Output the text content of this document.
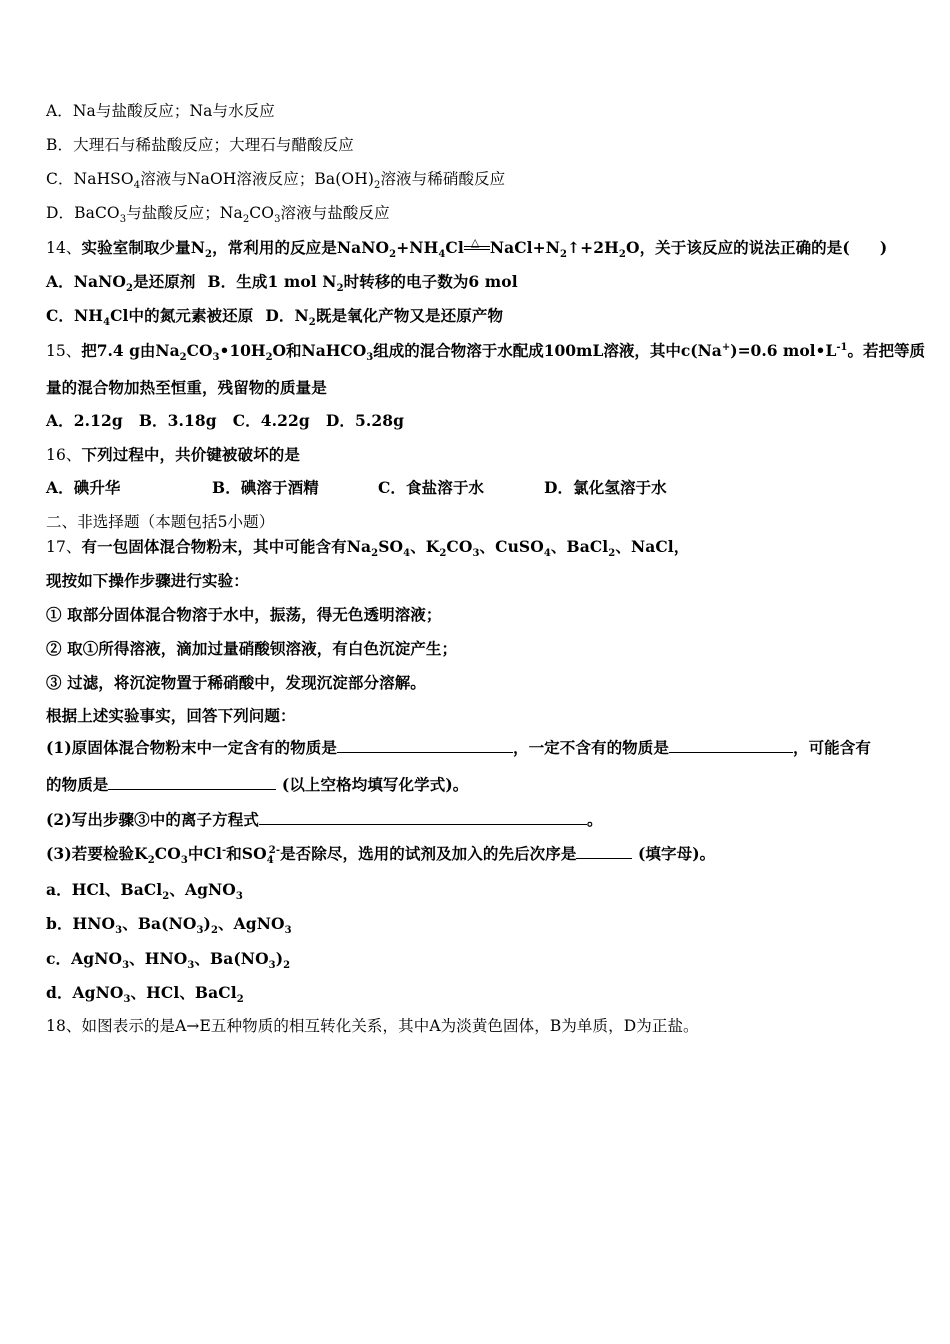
A．Na与盐酸反应；Na与水反应
B．大理石与稀盐酸反应；大理石与醋酸反应
C．NaHSO$_4$溶液与NaOH溶液反应；$Ba(OH)_2$溶液与稀硝酸反应
D．BaCO$_3$与盐酸反应；$Na_2CO_3$溶液与盐酸反应
14、实验室制取少量$N_2$，常利用的反应是$NaNO_2+NH_4Cl$ △ $NaCl+N_2↑+2H_2O$，关于该反应的说法正确的是( )
A．NaNO$_2$是还原剂 B．生成1 mol $N_2$时转移的电子数为6 mol
C．$NH_4Cl$中的氮元素被还原 D．$N_2$既是氧化产物又是还原产物
15、把7.4 g由$Na_2CO_3•10H_2O$和NaHCO$_3$组成的混合物溶于水配成100mL溶液，其中c(Na+)=0.6 $mol•L^{-1}$。若把等质
量的混合物加热至恒重，残留物的质量是
A．2.12g B．3.18g C．4.22g D．5.28g
16、下列过程中，共价键被破坏的是
A．碘升华	B．碘溶于酒精	C．食盐溶于水	D．氯化氢溶于水
二、非选择题（本题包括5小题）
17、有一包固体混合物粉末，其中可能含有$Na_2SO_4$、$K_2CO_3$、CuSO$_4$、BaCl$_2$、NaCl，
现按如下操作步骤进行实验：
① 取部分固体混合物溶于水中，振荡，得无色透明溶液；
② 取①所得溶液，滴加过量硝酸钡溶液，有白色沉淀产生；
③ 过滤，将沉淀物置于稀硝酸中，发现沉淀部分溶解。
根据上述实验事实，回答下列问题：
(1)原固体混合物粉末中一定含有的物质是	，一定不含有的物质是	，可能含有
的物质是	(以上空格均填写化学式)。
(2)写出步骤③中的离子方程式	。
(3)若要检验$K_2CO_3$中Cl-和$SO_4^{2-}$是否除尽，选用的试剂及加入的先后次序是	(填字母)。
a．HCl、BaCl$_2$、AgNO$_3$
b．$HNO_3$、$Ba(NO_3)_2$、AgNO$_3$
c．AgNO$_3$、$HNO_3$、$Ba(NO_3)_2$
d．AgNO$_3$、HCl、BaCl$_2$
18、如图表示的是A→E五种物质的相互转化关系，其中A为淡黄色固体，B为单质，D为正盐。
